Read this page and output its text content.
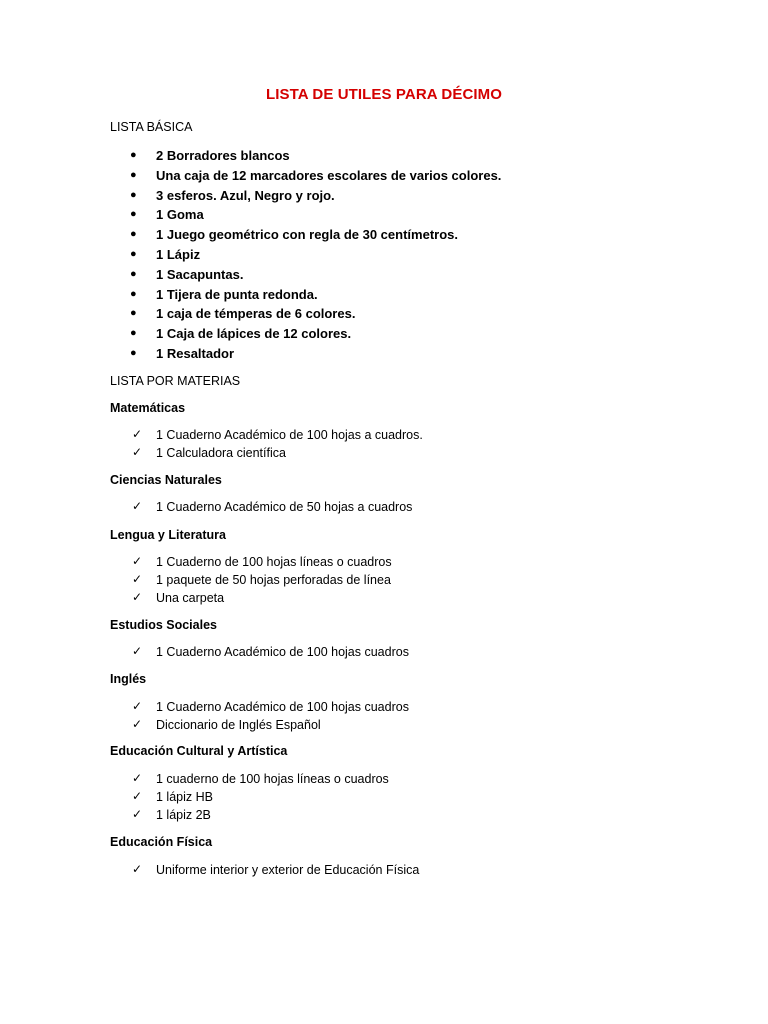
LISTA DE UTILES PARA DÉCIMO
LISTA BÁSICA
● 2 Borradores blancos
● Una caja de 12 marcadores escolares de varios colores.
● 3 esferos. Azul, Negro y rojo.
● 1 Goma
● 1 Juego geométrico con regla de 30 centímetros.
● 1 Lápiz
● 1 Sacapuntas.
● 1 Tijera de punta redonda.
● 1 caja de témperas de 6 colores.
● 1 Caja de lápices de 12 colores.
● 1 Resaltador
LISTA POR MATERIAS
Matemáticas
✓ 1 Cuaderno Académico de 100 hojas a cuadros.
✓ 1 Calculadora científica
Ciencias Naturales
✓ 1 Cuaderno Académico de 50 hojas a cuadros
Lengua y Literatura
✓ 1 Cuaderno de 100 hojas líneas o cuadros
✓ 1 paquete de 50 hojas perforadas de línea
✓ Una carpeta
Estudios Sociales
✓ 1 Cuaderno Académico de 100 hojas cuadros
Inglés
✓ 1 Cuaderno Académico de 100 hojas cuadros
✓ Diccionario de Inglés Español
Educación Cultural y Artística
✓ 1 cuaderno de 100 hojas líneas o cuadros
✓ 1 lápiz HB
✓ 1 lápiz 2B
Educación Física
✓ Uniforme interior y exterior de Educación Física
